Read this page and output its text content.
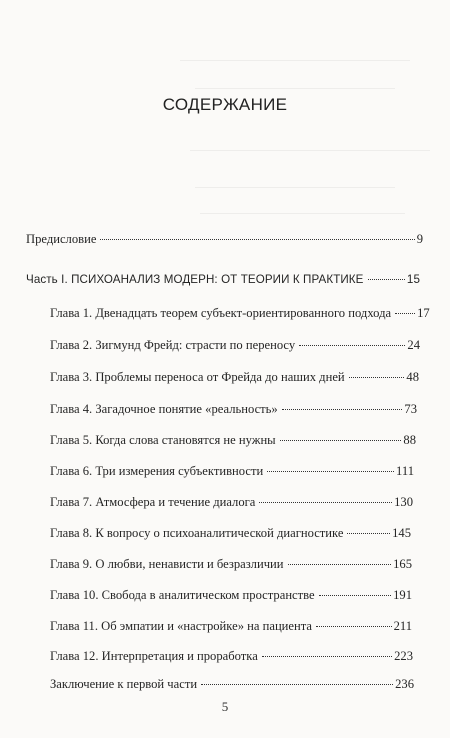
СОДЕРЖАНИЕ
Предисловие	9
Часть I. ПСИХОАНАЛИЗ МОДЕРН: ОТ ТЕОРИИ К ПРАКТИКЕ	15
Глава 1. Двенадцать теорем субъект-ориентированного подхода 17
Глава 2. Зигмунд Фрейд: страсти по переносу	24
Глава 3. Проблемы переноса от Фрейда до наших дней	48
Глава 4. Загадочное понятие «реальность»	73
Глава 5. Когда слова становятся не нужны	88
Глава 6. Три измерения субъективности	111
Глава 7. Атмосфера и течение диалога	130
Глава 8. К вопросу о психоаналитической диагностике	145
Глава 9. О любви, ненависти и безразличии	165
Глава 10. Свобода в аналитическом пространстве	191
Глава 11. Об эмпатии и «настройке» на пациента	211
Глава 12. Интерпретация и проработка	223
Заключение к первой части	236
5
